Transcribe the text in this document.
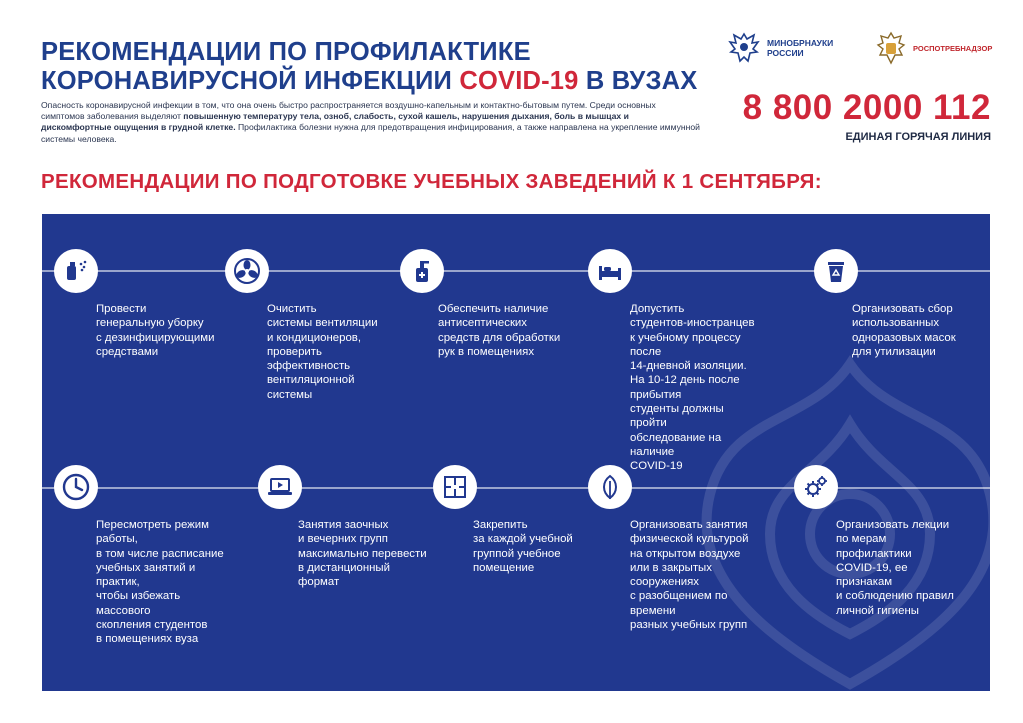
РЕКОМЕНДАЦИИ ПО ПРОФИЛАКТИКЕ
КОРОНАВИРУСНОЙ ИНФЕКЦИИ COVID-19 В ВУЗАХ

Опасность коронавирусной инфекции в том, что она очень быстро распространяется воздушно-капельным и контактно-бытовым путем. Среди основных симптомов заболевания выделяют повышенную температуру тела, озноб, слабость, сухой кашель, нарушения дыхания, боль в мышцах и дискомфортные ощущения в грудной клетке. Профилактика болезни нужна для предотвращения инфицирования, а также направлена на укрепление иммунной системы человека.

МИНОБРНАУКИ
РОССИИ	РОСПОТРЕБНАДЗОР

8 800 2000 112

ЕДИНАЯ ГОРЯЧАЯ ЛИНИЯ

РЕКОМЕНДАЦИИ ПО ПОДГОТОВКЕ УЧЕБНЫХ ЗАВЕДЕНИЙ К 1 СЕНТЯБРЯ:
Провести
генеральную уборку
с дезинфицирующими
средствами
Очистить
системы вентиляции
и кондиционеров,
проверить
эффективность
вентиляционной
системы
Обеспечить наличие
антисептических
средств для обработки
рук в помещениях
Допустить
студентов-иностранцев
к учебному процессу после
14-дневной изоляции.
На 10-12 день после прибытия
студенты должны пройти
обследование на наличие
COVID-19
Организовать сбор
использованных
одноразовых масок
для утилизации
Пересмотреть режим работы,
в том числе расписание
учебных занятий и практик,
чтобы избежать массового
скопления студентов
в помещениях вуза
Занятия заочных
и вечерних групп
максимально перевести
в дистанционный
формат
Закрепить
за каждой учебной
группой учебное
помещение
Организовать занятия
физической культурой
на открытом воздухе
или в закрытых сооружениях
с разобщением по времени
разных учебных групп
Организовать лекции
по мерам профилактики
COVID-19, ее признакам
и соблюдению правил
личной гигиены
